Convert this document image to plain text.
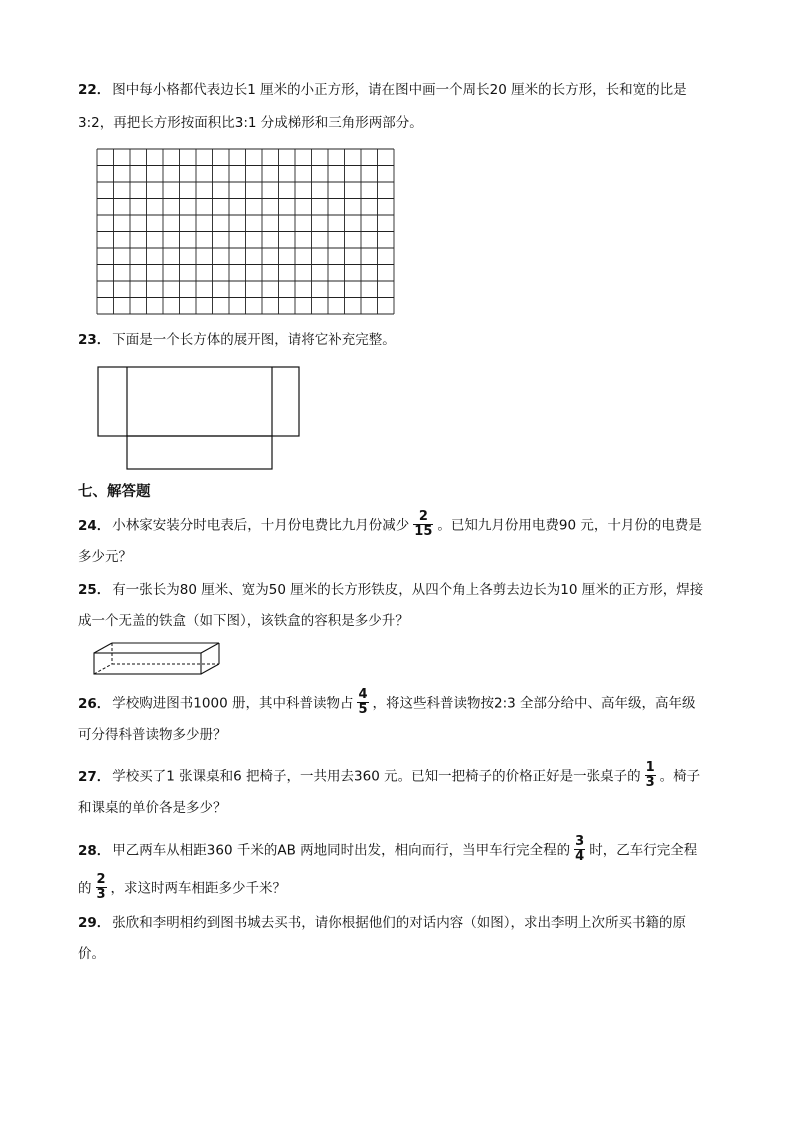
22． 图中每小格都代表边长1 厘米的小正方形，请在图中画一个周长20 厘米的长方形，长和宽的比是
3:2，再把长方形按面积比3:1 分成梯形和三角形两部分。
23． 下面是一个长方体的展开图，请将它补充完整。
七、解答题
24． 小林家安装分时电表后，十月份电费比九月份减少 $\frac{2}{15}$ 。已知九月份用电费90 元，十月份的电费是
多少元？
25． 有一张长为80 厘米、宽为50 厘米的长方形铁皮，从四个角上各剪去边长为10 厘米的正方形，焊接
成一个无盖的铁盒（如下图），该铁盒的容积是多少升？
26． 学校购进图书1000 册，其中科普读物占 $\frac{4}{5}$ ，将这些科普读物按2:3 全部分给中、高年级，高年级
可分得科普读物多少册？
27． 学校买了1 张课桌和6 把椅子，一共用去360 元。已知一把椅子的价格正好是一张桌子的 $\frac{1}{3}$ 。椅子
和课桌的单价各是多少？
28． 甲乙两车从相距360 千米的AB 两地同时出发，相向而行，当甲车行完全程的 $\frac{3}{4}$ 时，乙车行完全程
的 $\frac{2}{3}$ ，求这时两车相距多少千米？
29． 张欣和李明相约到图书城去买书，请你根据他们的对话内容（如图），求出李明上次所买书籍的原
价。
